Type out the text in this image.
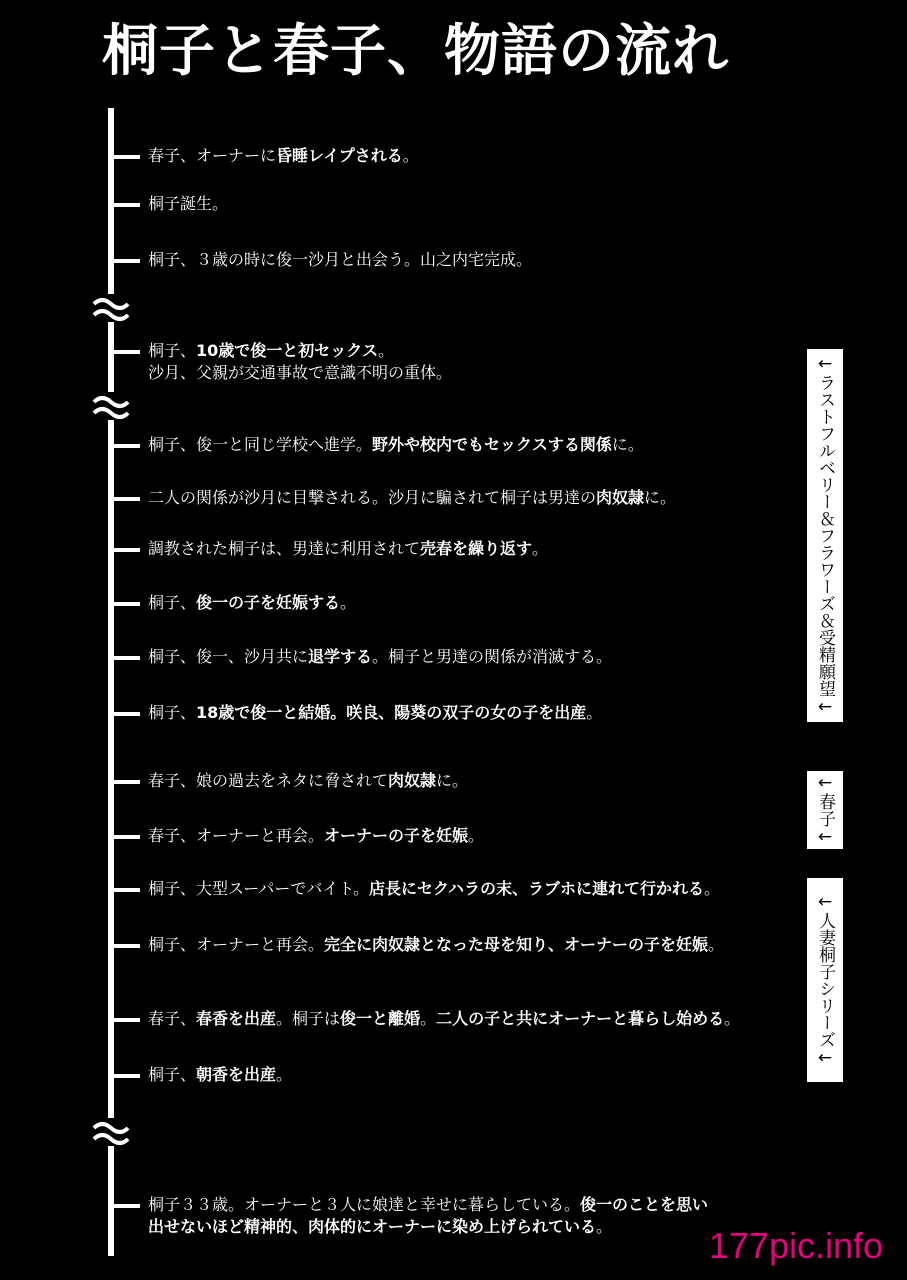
桐子と春子、物語の流れ
春子、オーナーに昏睡レイプされる。
桐子誕生。
桐子、３歳の時に俊一沙月と出会う。山之内宅完成。
桐子、10歳で俊一と初セックス。
沙月、父親が交通事故で意識不明の重体。
桐子、俊一と同じ学校へ進学。野外や校内でもセックスする関係に。
二人の関係が沙月に目撃される。沙月に騙されて桐子は男達の肉奴隷に。
調教された桐子は、男達に利用されて売春を繰り返す。
桐子、俊一の子を妊娠する。
桐子、俊一、沙月共に退学する。桐子と男達の関係が消滅する。
桐子、18歳で俊一と結婚。咲良、陽葵の双子の女の子を出産。
春子、娘の過去をネタに脅されて肉奴隷に。
春子、オーナーと再会。オーナーの子を妊娠。
桐子、大型スーパーでバイト。店長にセクハラの末、ラブホに連れて行かれる。
桐子、オーナーと再会。完全に肉奴隷となった母を知り、オーナーの子を妊娠。
春子、春香を出産。桐子は俊一と離婚。二人の子と共にオーナーと暮らし始める。
桐子、朝香を出産。
桐子３３歳。オーナーと３人に娘達と幸せに暮らしている。俊一のことを思い
出せないほど精神的、肉体的にオーナーに染め上げられている。
←ラストフルベリー＆フラワーズ＆受精願望←
←春子←
←人妻桐子シリーズ←
177pic.info
